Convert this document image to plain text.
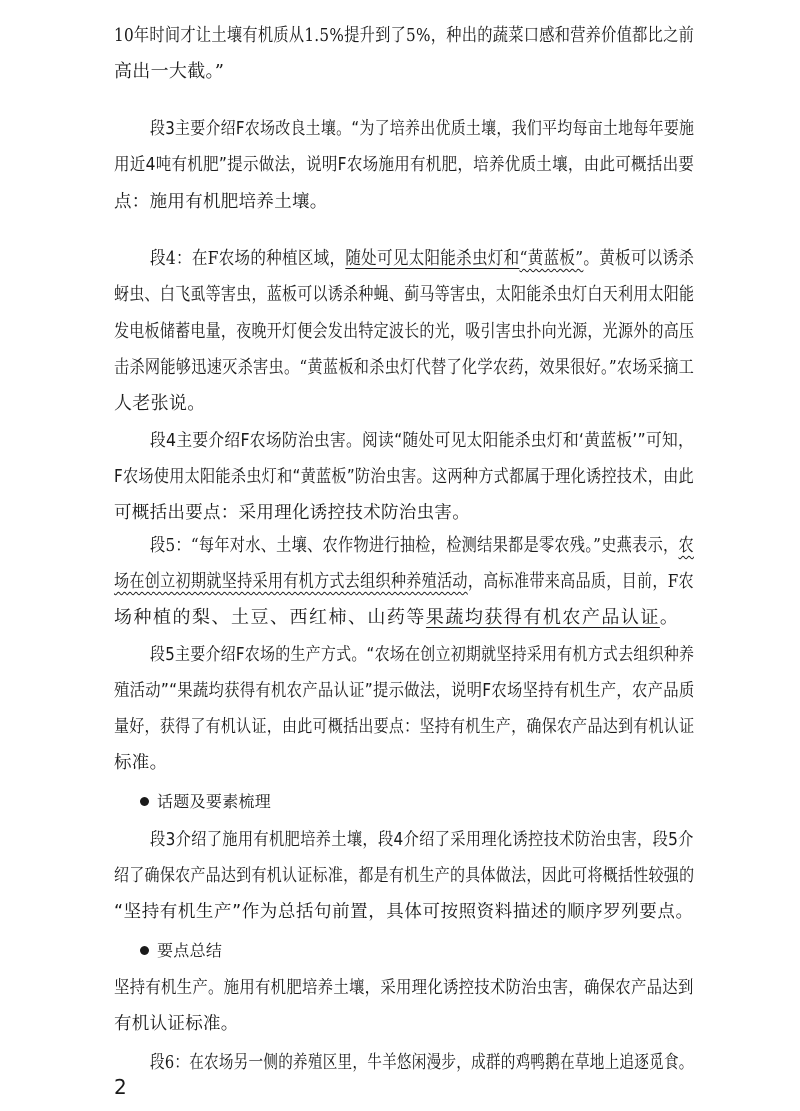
10年时间才让土壤有机质从1.5%提升到了5%，种出的蔬菜口感和营养价值都比之前
高出一大截。”
段3主要介绍F农场改良土壤。“为了培养出优质土壤，我们平均每亩土地每年要施
用近4吨有机肥”提示做法，说明F农场施用有机肥，培养优质土壤，由此可概括出要
点：施用有机肥培养土壤。
段4：在F农场的种植区域，随处可见太阳能杀虫灯和“黄蓝板”。黄板可以诱杀
蚜虫、白飞虱等害虫，蓝板可以诱杀种蝇、蓟马等害虫，太阳能杀虫灯白天利用太阳能
发电板储蓄电量，夜晚开灯便会发出特定波长的光，吸引害虫扑向光源，光源外的高压
击杀网能够迅速灭杀害虫。“黄蓝板和杀虫灯代替了化学农药，效果很好。”农场采摘工
人老张说。
段4主要介绍F农场防治虫害。阅读“随处可见太阳能杀虫灯和‘黄蓝板’”可知，
F农场使用太阳能杀虫灯和“黄蓝板”防治虫害。这两种方式都属于理化诱控技术，由此
可概括出要点：采用理化诱控技术防治虫害。
段5：“每年对水、土壤、农作物进行抽检，检测结果都是零农残。”史燕表示，农
场在创立初期就坚持采用有机方式去组织种养殖活动，高标准带来高品质，目前，F农
场种植的梨、土豆、西红柿、山药等果蔬均获得有机农产品认证。
段5主要介绍F农场的生产方式。“农场在创立初期就坚持采用有机方式去组织种养
殖活动”“果蔬均获得有机农产品认证”提示做法，说明F农场坚持有机生产，农产品质
量好，获得了有机认证，由此可概括出要点：坚持有机生产，确保农产品达到有机认证
标准。
话题及要素梳理
段3介绍了施用有机肥培养土壤，段4介绍了采用理化诱控技术防治虫害，段5介
绍了确保农产品达到有机认证标准，都是有机生产的具体做法，因此可将概括性较强的
“坚持有机生产”作为总括句前置，具体可按照资料描述的顺序罗列要点。
要点总结
坚持有机生产。施用有机肥培养土壤，采用理化诱控技术防治虫害，确保农产品达到
有机认证标准。
段6：在农场另一侧的养殖区里，牛羊悠闲漫步，成群的鸡鸭鹅在草地上追逐觅食。
2
